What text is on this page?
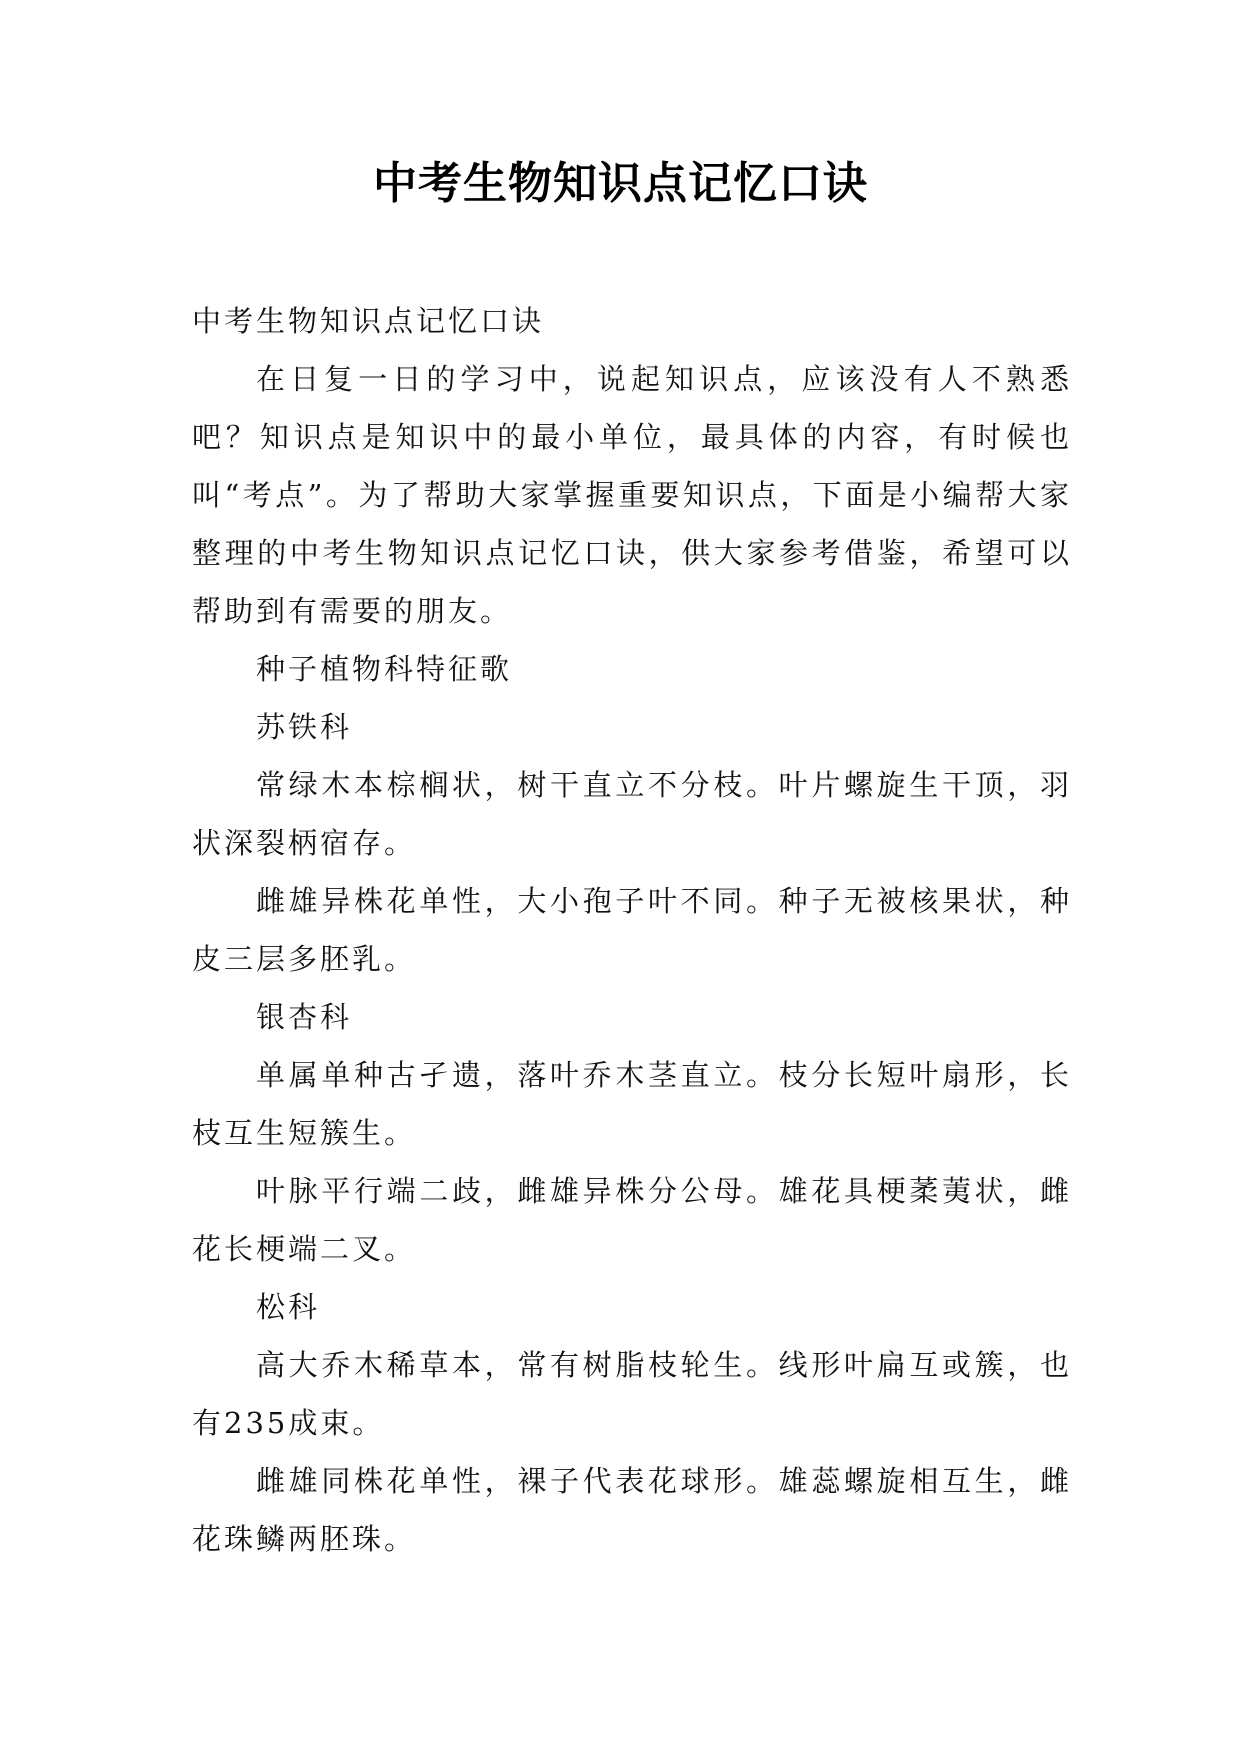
中考生物知识点记忆口诀

中考生物知识点记忆口诀

在日复一日的学习中，说起知识点，应该没有人不熟悉吧？知识点是知识中的最小单位，最具体的内容，有时候也叫“考点”。为了帮助大家掌握重要知识点，下面是小编帮大家整理的中考生物知识点记忆口诀，供大家参考借鉴，希望可以帮助到有需要的朋友。

种子植物科特征歌

苏铁科

常绿木本棕榈状，树干直立不分枝。叶片螺旋生干顶，羽状深裂柄宿存。

雌雄异株花单性，大小孢子叶不同。种子无被核果状，种皮三层多胚乳。

银杏科

单属单种古孑遗，落叶乔木茎直立。枝分长短叶扇形，长枝互生短簇生。

叶脉平行端二歧，雌雄异株分公母。雄花具梗葇荑状，雌花长梗端二叉。

松科

高大乔木稀草本，常有树脂枝轮生。线形叶扁互或簇，也有235成束。

雌雄同株花单性，裸子代表花球形。雄蕊螺旋相互生，雌花珠鳞两胚珠。
